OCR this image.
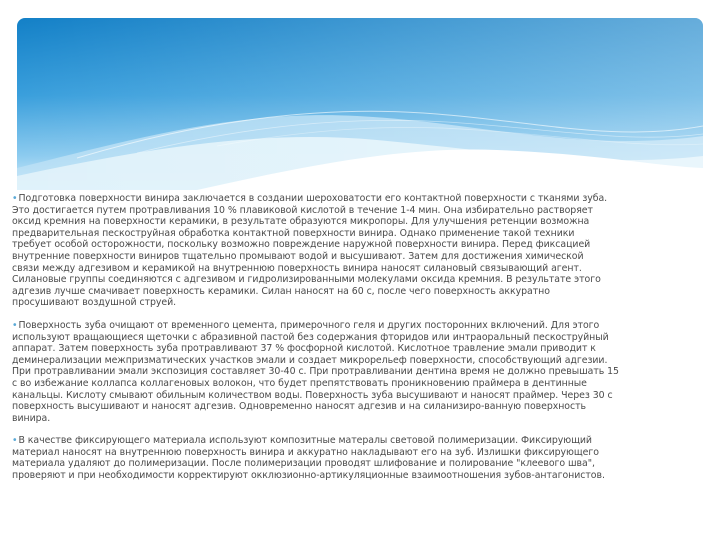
•Подготовка поверхности винира заключается в создании шероховатости его контактной поверхности с тканями зуба.
Это достигается путем протравливания 10 % плавиковой кислотой в течение 1-4 мин. Она избирательно растворяет
оксид кремния на поверхности керамики, в результате образуются микропоры. Для улучшения ретенции возможна
предварительная пескоструйная обработка контактной поверхности винира. Однако применение такой техники
требует особой осторожности, поскольку возможно повреждение наружной поверхности винира. Перед фиксацией
внутренние поверхности виниров тщательно промывают водой и высушивают. Затем для достижения химической
связи между адгезивом и керамикой на внутреннюю поверхность винира наносят силановый связывающий агент.
Силановые группы соединяются с адгезивом и гидролизированными молекулами оксида кремния. В результате этого
адгезив лучше смачивает поверхность керамики. Силан наносят на 60 с, после чего поверхность аккуратно
просушивают воздушной струей.

•Поверхность зуба очищают от временного цемента, примерочного геля и других посторонних включений. Для этого
используют вращающиеся щеточки с абразивной пастой без содержания фторидов или интраоральный пескоструйный
аппарат. Затем поверхность зуба протравливают 37 % фосфорной кислотой. Кислотное травление эмали приводит к
деминерализации межпризматических участков эмали и создает микрорельеф поверхности, способствующий адгезии.
При протравливании эмали экспозиция составляет 30-40 с. При протравливании дентина время не должно превышать 15
с во избежание коллапса коллагеновых волокон, что будет препятствовать проникновению праймера в дентинные
канальцы. Кислоту смывают обильным количеством воды. Поверхность зуба высушивают и наносят праймер. Через 30 с
поверхность высушивают и наносят адгезив. Одновременно наносят адгезив и на силанизиро-ванную поверхность
винира.

•В качестве фиксирующего материала используют композитные матералы световой полимеризации. Фиксирующий
материал наносят на внутреннюю поверхность винира и аккуратно накладывают его на зуб. Излишки фиксирующего
материала удаляют до полимеризации. После полимеризации проводят шлифование и полирование "клеевого шва",
проверяют и при необходимости корректируют окклюзионно-артикуляционные взаимоотношения зубов-антагонистов.
